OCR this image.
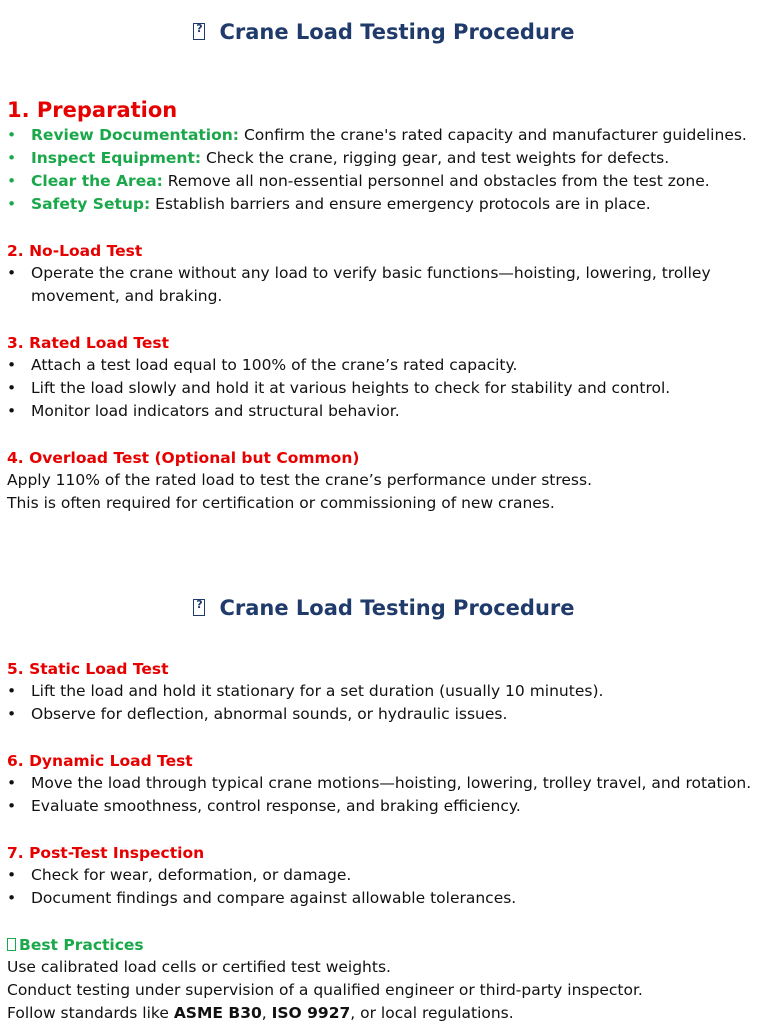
?Crane Load Testing Procedure
1. Preparation
• Review Documentation: Confirm the crane's rated capacity and manufacturer guidelines.
• Inspect Equipment: Check the crane, rigging gear, and test weights for defects.
• Clear the Area: Remove all non-essential personnel and obstacles from the test zone.
• Safety Setup: Establish barriers and ensure emergency protocols are in place.
2. No-Load Test
• Operate the crane without any load to verify basic functions—hoisting, lowering, trolley movement, and braking.
3. Rated Load Test
• Attach a test load equal to 100% of the crane’s rated capacity.
• Lift the load slowly and hold it at various heights to check for stability and control.
• Monitor load indicators and structural behavior.
4. Overload Test (Optional but Common)

Apply 110% of the rated load to test the crane’s performance under stress.

This is often required for certification or commissioning of new cranes.

?Crane Load Testing Procedure
5. Static Load Test
• Lift the load and hold it stationary for a set duration (usually 10 minutes).
• Observe for deflection, abnormal sounds, or hydraulic issues.
6. Dynamic Load Test
• Move the load through typical crane motions—hoisting, lowering, trolley travel, and rotation.
• Evaluate smoothness, control response, and braking efficiency.
7. Post-Test Inspection
• Check for wear, deformation, or damage.
• Document findings and compare against allowable tolerances.
Best Practices

Use calibrated load cells or certified test weights.

Conduct testing under supervision of a qualified engineer or third-party inspector.

Follow standards like ASME B30, ISO 9927, or local regulations.
